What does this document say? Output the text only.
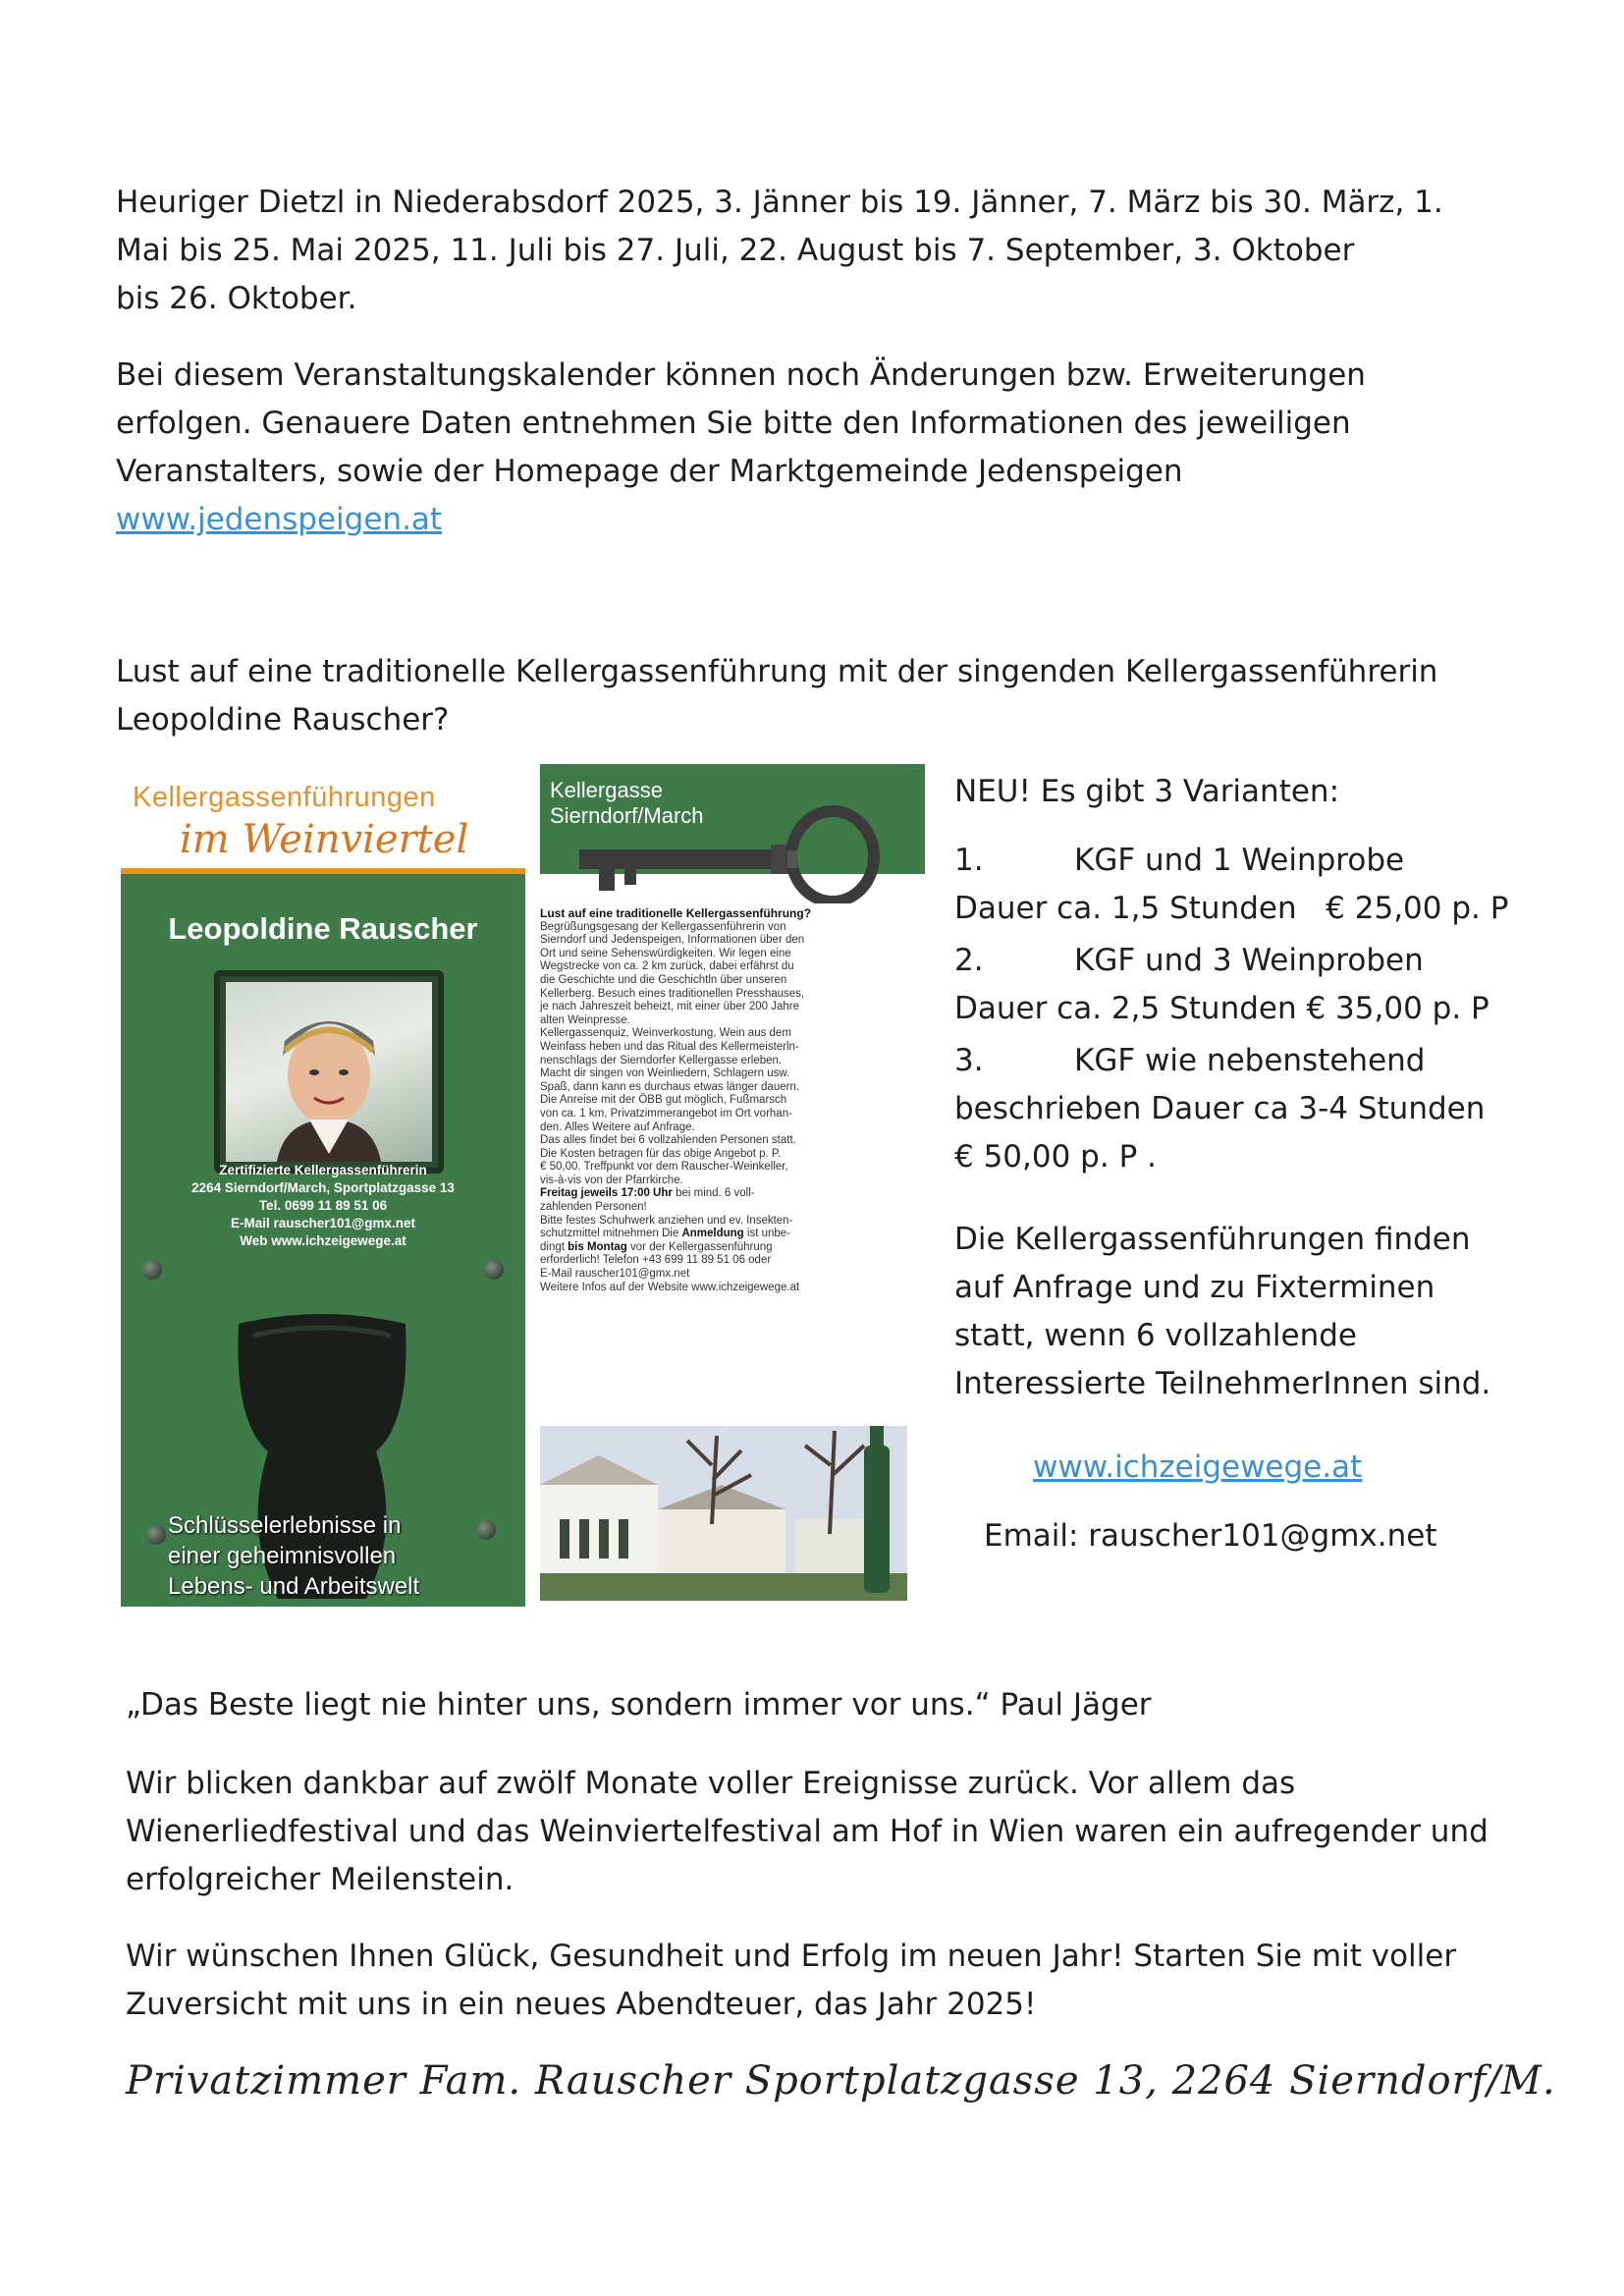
Heuriger Dietzl in Niederabsdorf 2025, 3. Jänner bis 19. Jänner, 7. März bis 30. März, 1.
Mai bis 25. Mai 2025, 11. Juli bis 27. Juli, 22. August bis 7. September, 3. Oktober
bis 26. Oktober.
Bei diesem Veranstaltungskalender können noch Änderungen bzw. Erweiterungen
erfolgen. Genauere Daten entnehmen Sie bitte den Informationen des jeweiligen
Veranstalters, sowie der Homepage der Marktgemeinde Jedenspeigen
www.jedenspeigen.at
Lust auf eine traditionelle Kellergassenführung mit der singenden Kellergassenführerin
Leopoldine Rauscher?
Kellergassenführungen
im Weinviertel
Leopoldine Rauscher
Zertifizierte Kellergassenführerin
2264 Sierndorf/March, Sportplatzgasse 13
Tel. 0699 11 89 51 06
E-Mail rauscher101@gmx.net
Web www.ichzeigewege.at
Schlüsselerlebnisse in
einer geheimnisvollen
Lebens- und Arbeitswelt
Kellergasse
Sierndorf/March
Lust auf eine traditionelle Kellergassenführung?
Begrüßungsgesang der Kellergassenführerin von
Sierndorf und Jedenspeigen, Informationen über den
Ort und seine Sehenswürdigkeiten. Wir legen eine
Wegstrecke von ca. 2 km zurück, dabei erfährst du
die Geschichte und die Geschichtln über unseren
Kellerberg. Besuch eines traditionellen Presshauses,
je nach Jahreszeit beheizt, mit einer über 200 Jahre
alten Weinpresse.
Kellergassenquiz, Weinverkostung, Wein aus dem
Weinfass heben und das Ritual des Kellermeisterln-
nenschlags der Sierndorfer Kellergasse erleben.
Macht dir singen von Weinliedern, Schlagern usw.
Spaß, dann kann es durchaus etwas länger dauern.
Die Anreise mit der ÖBB gut möglich, Fußmarsch
von ca. 1 km, Privatzimmerangebot im Ort vorhan-
den. Alles Weitere auf Anfrage.
Das alles findet bei 6 vollzahlenden Personen statt.
Die Kosten betragen für das obige Angebot p. P.
€ 50,00. Treffpunkt vor dem Rauscher-Weinkeller,
vis-à-vis von der Pfarrkirche.
Freitag jeweils 17:00 Uhr bei mind. 6 voll-
zahlenden Personen!
Bitte festes Schuhwerk anziehen und ev. Insekten-
schutzmittel mitnehmen Die Anmeldung ist unbe-
dingt bis Montag vor der Kellergassenführung
erforderlich! Telefon +43 699 11 89 51 06 oder
E-Mail rauscher101@gmx.net
Weitere Infos auf der Website www.ichzeigewege.at
NEU! Es gibt 3 Varianten:
1.	KGF und 1 Weinprobe
Dauer ca. 1,5 Stunden   € 25,00 p. P
2.	KGF und 3 Weinproben
Dauer ca. 2,5 Stunden € 35,00 p. P
3.	KGF wie nebenstehend
beschrieben Dauer ca 3-4 Stunden
€ 50,00 p. P .
Die Kellergassenführungen finden
auf Anfrage und zu Fixterminen
statt, wenn 6 vollzahlende
Interessierte TeilnehmerInnen sind.
www.ichzeigewege.at
Email: rauscher101@gmx.net
„Das Beste liegt nie hinter uns, sondern immer vor uns.“ Paul Jäger
Wir blicken dankbar auf zwölf Monate voller Ereignisse zurück. Vor allem das
Wienerliedfestival und das Weinviertelfestival am Hof in Wien waren ein aufregender und
erfolgreicher Meilenstein.
Wir wünschen Ihnen Glück, Gesundheit und Erfolg im neuen Jahr! Starten Sie mit voller
Zuversicht mit uns in ein neues Abendteuer, das Jahr 2025!
Privatzimmer Fam. Rauscher Sportplatzgasse 13, 2264 Sierndorf/M.
